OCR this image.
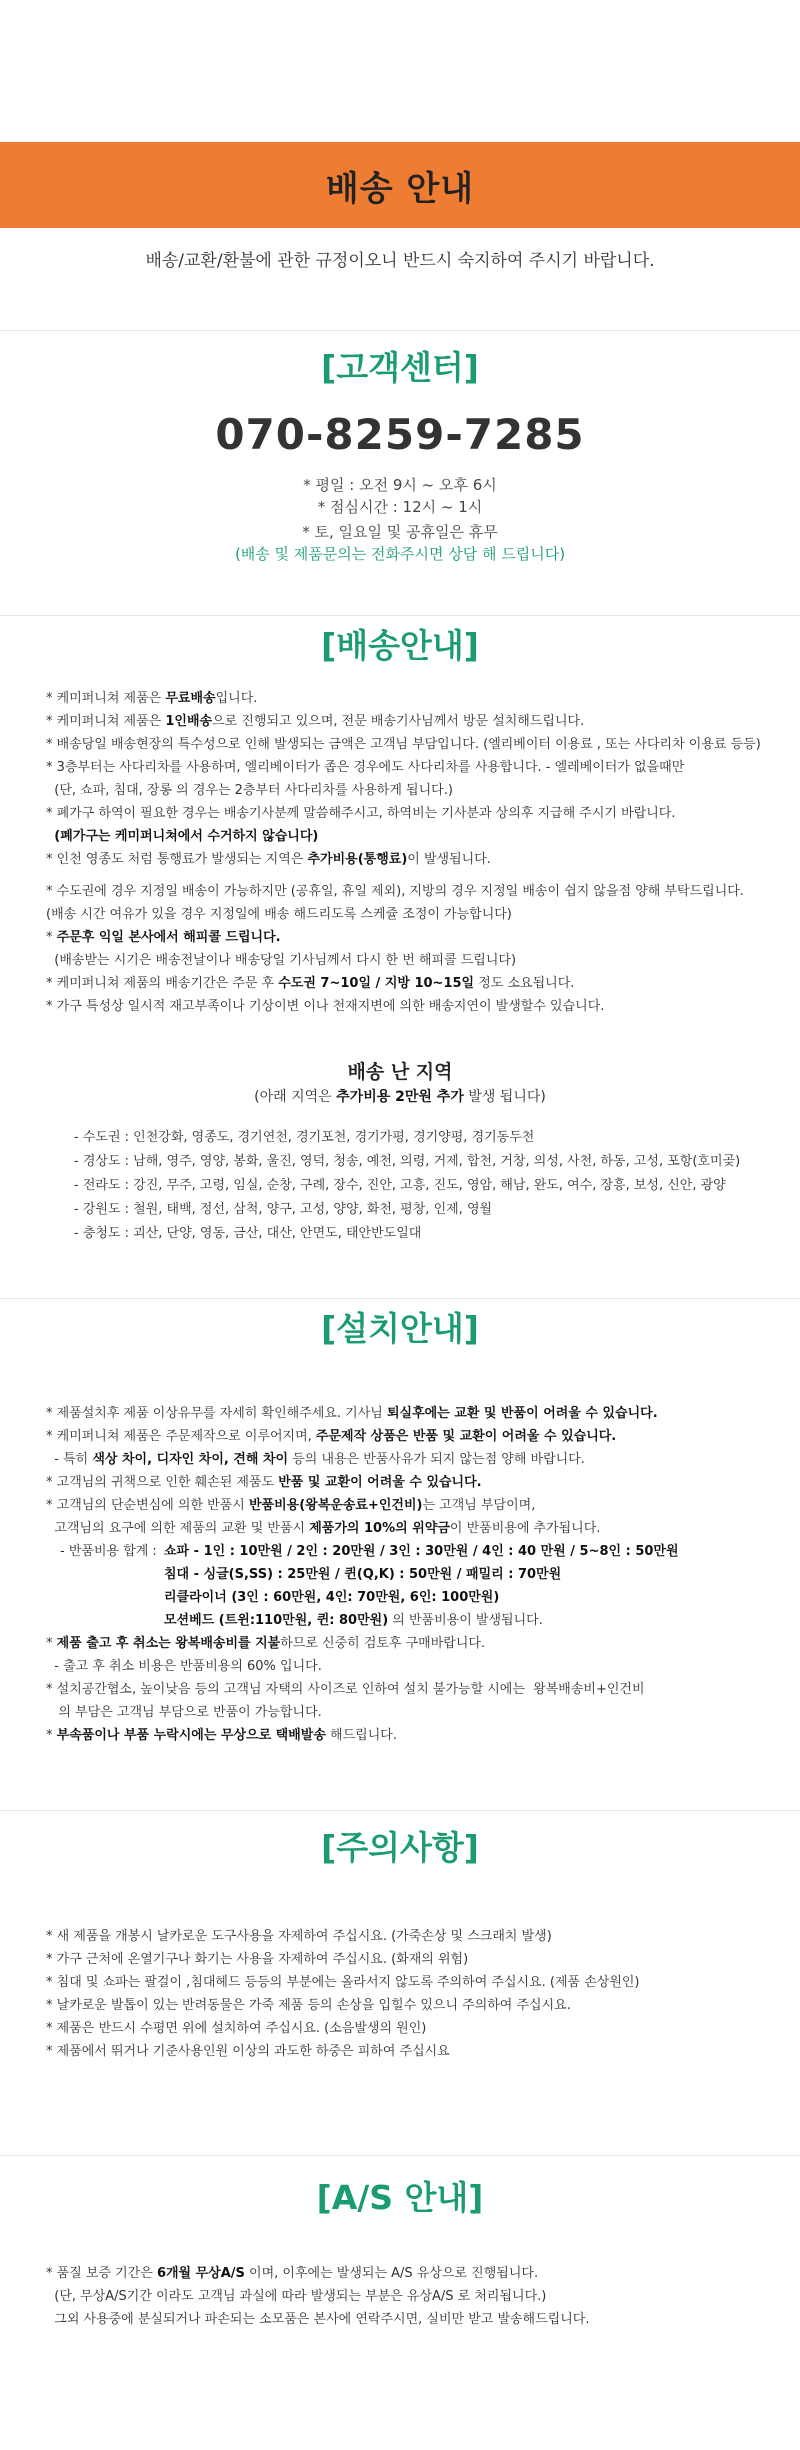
배송 안내
배송/교환/환불에 관한 규정이오니 반드시 숙지하여 주시기 바랍니다.
[고객센터]
070-8259-7285
* 평일 : 오전 9시 ~ 오후 6시
* 점심시간 : 12시 ~ 1시
* 토, 일요일 및 공휴일은 휴무
(배송 및 제품문의는 전화주시면 상담 해 드립니다)
[배송안내]
* 케미퍼니쳐 제품은 무료배송입니다.
* 케미퍼니쳐 제품은 1인배송으로 진행되고 있으며, 전문 배송기사님께서 방문 설치해드립니다.
* 배송당일 배송현장의 특수성으로 인해 발생되는 금액은 고객님 부담입니다. (엘리베이터 이용료 , 또는 사다리차 이용료 등등)
* 3층부터는 사다리차를 사용하며, 엘리베이터가 좁은 경우에도 사다리차를 사용합니다. - 엘레베이터가 없을때만
(단, 쇼파, 침대, 장롱 의 경우는 2층부터 사다리차를 사용하게 됩니다.)
* 폐가구 하역이 필요한 경우는 배송기사분께 말씀해주시고, 하역비는 기사분과 상의후 지급해 주시기 바랍니다.
(폐가구는 케미퍼니쳐에서 수거하지 않습니다)
* 인천 영종도 처럼 통행료가 발생되는 지역은 추가비용(통행료)이 발생됩니다.
* 수도권에 경우 지정일 배송이 가능하지만 (공휴일, 휴일 제외), 지방의 경우 지정일 배송이 쉽지 않을점 양해 부탁드립니다.
(배송 시간 여유가 있을 경우 지정일에 배송 해드리도록 스케쥴 조정이 가능합니다)
* 주문후 익일 본사에서 해피콜 드립니다.
(배송받는 시기은 배송전날이나 배송당일 기사님께서 다시 한 번 해피콜 드립니다)
* 케미퍼니쳐 제품의 배송기간은 주문 후 수도권 7~10일 / 지방 10~15일 정도 소요됩니다.
* 가구 특성상 일시적 재고부족이나 기상이변 이나 천재지변에 의한 배송지연이 발생할수 있습니다.
배송 난 지역
(아래 지역은 추가비용 2만원 추가 발생 됩니다)
- 수도권 : 인천강화, 영종도, 경기연천, 경기포천, 경기가평, 경기양평, 경기동두천
- 경상도 : 남해, 영주, 영양, 봉화, 울진, 영덕, 청송, 예천, 의령, 거제, 합천, 거창, 의성, 사천, 하동, 고성, 포항(호미곶)
- 전라도 : 강진, 무주, 고령, 임실, 순창, 구례, 장수, 진안, 고흥, 진도, 영암, 해남, 완도, 여수, 장흥, 보성, 신안, 광양
- 강원도 : 철원, 태백, 정선, 삼척, 양구, 고성, 양양, 화천, 평창, 인제, 영월
- 충청도 : 괴산, 단양, 영동, 금산, 대산, 안면도, 태안반도일대
[설치안내]
* 제품설치후 제품 이상유무를 자세히 확인해주세요. 기사님 퇴실후에는 교환 및 반품이 어려울 수 있습니다.
* 케미퍼니쳐 제품은 주문제작으로 이루어지며, 주문제작 상품은 반품 및 교환이 어려울 수 있습니다.
- 특히 색상 차이, 디자인 차이, 견해 차이 등의 내용은 반품사유가 되지 않는점 양해 바랍니다.
* 고객님의 귀책으로 인한 훼손된 제품도 반품 및 교환이 어려울 수 있습니다.
* 고객님의 단순변심에 의한 반품시 반품비용(왕복운송료+인건비)는 고객님 부담이며,
고객님의 요구에 의한 제품의 교환 및 반품시 제품가의 10%의 위약금이 반품비용에 추가됩니다.
- 반품비용 합계 :	쇼파 - 1인 : 10만원 / 2인 : 20만원 / 3인 : 30만원 / 4인 : 40 만원 / 5~8인 : 50만원
	침대 - 싱글(S,SS) : 25만원 / 퀸(Q,K) : 50만원 / 패밀리 : 70만원
	리클라이너 (3인 : 60만원, 4인: 70만원, 6인: 100만원)
	모션베드 (트윈:110만원, 퀸: 80만원) 의 반품비용이 발생됩니다.
* 제품 출고 후 취소는 왕복배송비를 지불하므로 신중히 검토후 구매바랍니다.
- 출고 후 취소 비용은 반품비용의 60% 입니다.
* 설치공간협소, 높이낮음 등의 고객님 자택의 사이즈로 인하여 설치 불가능할 시에는  왕복배송비+인건비
의 부담은 고객님 부담으로 반품이 가능합니다.
* 부속품이나 부품 누락시에는 무상으로 택배발송 해드립니다.
[주의사항]
* 새 제품을 개봉시 날카로운 도구사용을 자제하여 주십시요. (가죽손상 및 스크래치 발생)
* 가구 근처에 온열기구나 화기는 사용을 자제하여 주십시요. (화재의 위험)
* 침대 및 쇼파는 팔걸이 ,침대헤드 등등의 부분에는 올라서지 않도록 주의하여 주십시요. (제품 손상원인)
* 날카로운 발톱이 있는 반려동물은 가죽 제품 등의 손상을 입힐수 있으니 주의하여 주십시요.
* 제품은 반드시 수평면 위에 설치하여 주십시요. (소음발생의 원인)
* 제품에서 뛰거나 기준사용인원 이상의 과도한 하중은 피하여 주십시요
[A/S 안내]
* 품질 보증 기간은 6개월 무상A/S 이며, 이후에는 발생되는 A/S 유상으로 진행됩니다.
(단, 무상A/S기간 이라도 고객님 과실에 따라 발생되는 부분은 유상A/S 로 처리됩니다.)
그외 사용중에 분실되거나 파손되는 소모품은 본사에 연락주시면, 실비만 받고 발송해드립니다.
